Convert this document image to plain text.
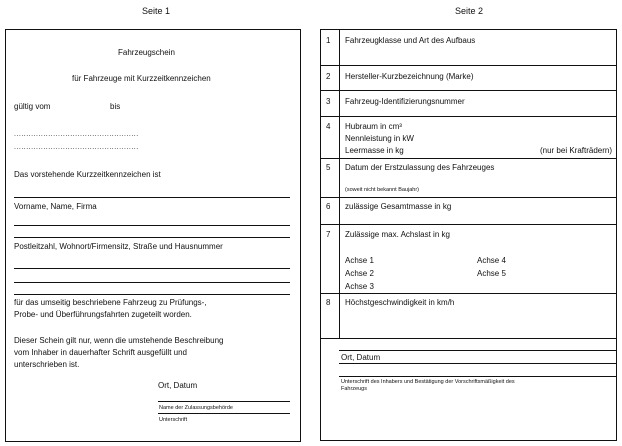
Seite 1	Seite 2
Fahrzeugschein
für Fahrzeuge mit Kurzzeitkennzeichen
gültig vom	bis
...................................................
...................................................
Das vorstehende Kurzzeitkennzeichen ist
Vorname, Name, Firma
Postleitzahl, Wohnort/Firmensitz, Straße und Hausnummer
für das umseitig beschriebene Fahrzeug zu Prüfungs-,
Probe- und Überführungsfahrten zugeteilt worden.
Dieser Schein gilt nur, wenn die umstehende Beschreibung
vom Inhaber in dauerhafter Schrift ausgefüllt und
unterschrieben ist.
Ort, Datum
Name der Zulassungsbehörde
Unterschrift
1 Fahrzeugklasse und Art des Aufbaus
2 Hersteller-Kurzbezeichnung (Marke)
3 Fahrzeug-Identifizierungsnummer
4 Hubraum in cm³
Nennleistung in kW
Leermasse in kg	(nur bei Krafträdern)
5 Datum der Erstzulassung des Fahrzeuges
(soweit nicht bekannt Baujahr)
6 zulässige Gesamtmasse in kg
7 Zulässige max. Achslast in kg
Achse 1
Achse 2
Achse 3
Achse 4
Achse 5
8 Höchstgeschwindigkeit in km/h
Ort, Datum
Unterschrift des Inhabers und Bestätigung der Vorschriftsmäßigkeit des
Fahrzeugs
